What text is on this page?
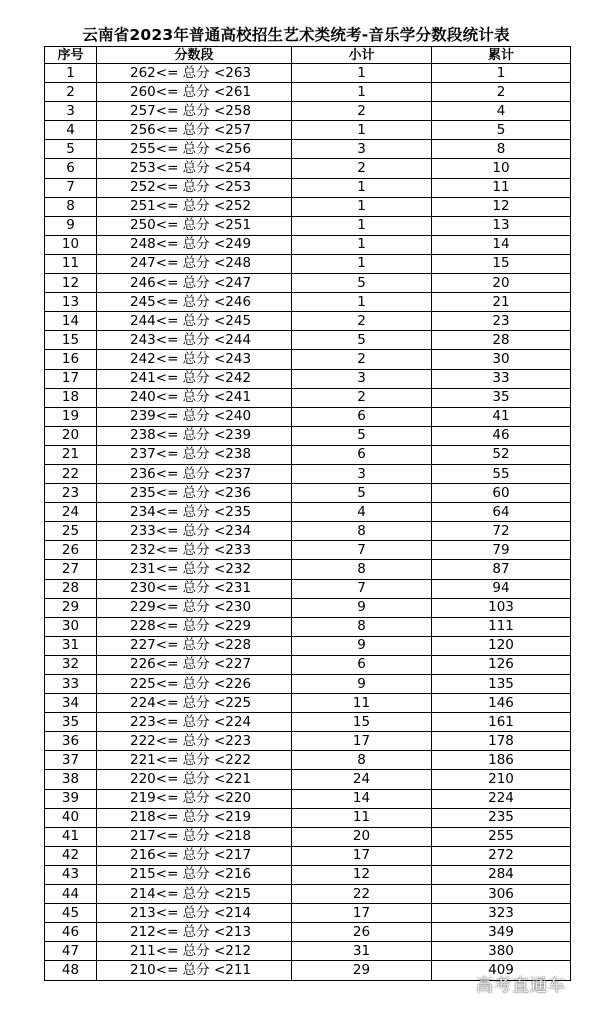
云南省2023年普通高校招生艺术类统考-音乐学分数段统计表
序号	分数段	小计	累计
1	262<= 总分 <263	1	1
2	260<= 总分 <261	1	2
3	257<= 总分 <258	2	4
4	256<= 总分 <257	1	5
5	255<= 总分 <256	3	8
6	253<= 总分 <254	2	10
7	252<= 总分 <253	1	11
8	251<= 总分 <252	1	12
9	250<= 总分 <251	1	13
10	248<= 总分 <249	1	14
11	247<= 总分 <248	1	15
12	246<= 总分 <247	5	20
13	245<= 总分 <246	1	21
14	244<= 总分 <245	2	23
15	243<= 总分 <244	5	28
16	242<= 总分 <243	2	30
17	241<= 总分 <242	3	33
18	240<= 总分 <241	2	35
19	239<= 总分 <240	6	41
20	238<= 总分 <239	5	46
21	237<= 总分 <238	6	52
22	236<= 总分 <237	3	55
23	235<= 总分 <236	5	60
24	234<= 总分 <235	4	64
25	233<= 总分 <234	8	72
26	232<= 总分 <233	7	79
27	231<= 总分 <232	8	87
28	230<= 总分 <231	7	94
29	229<= 总分 <230	9	103
30	228<= 总分 <229	8	111
31	227<= 总分 <228	9	120
32	226<= 总分 <227	6	126
33	225<= 总分 <226	9	135
34	224<= 总分 <225	11	146
35	223<= 总分 <224	15	161
36	222<= 总分 <223	17	178
37	221<= 总分 <222	8	186
38	220<= 总分 <221	24	210
39	219<= 总分 <220	14	224
40	218<= 总分 <219	11	235
41	217<= 总分 <218	20	255
42	216<= 总分 <217	17	272
43	215<= 总分 <216	12	284
44	214<= 总分 <215	22	306
45	213<= 总分 <214	17	323
46	212<= 总分 <213	26	349
47	211<= 总分 <212	31	380
48	210<= 总分 <211	29	409
高考直通车
